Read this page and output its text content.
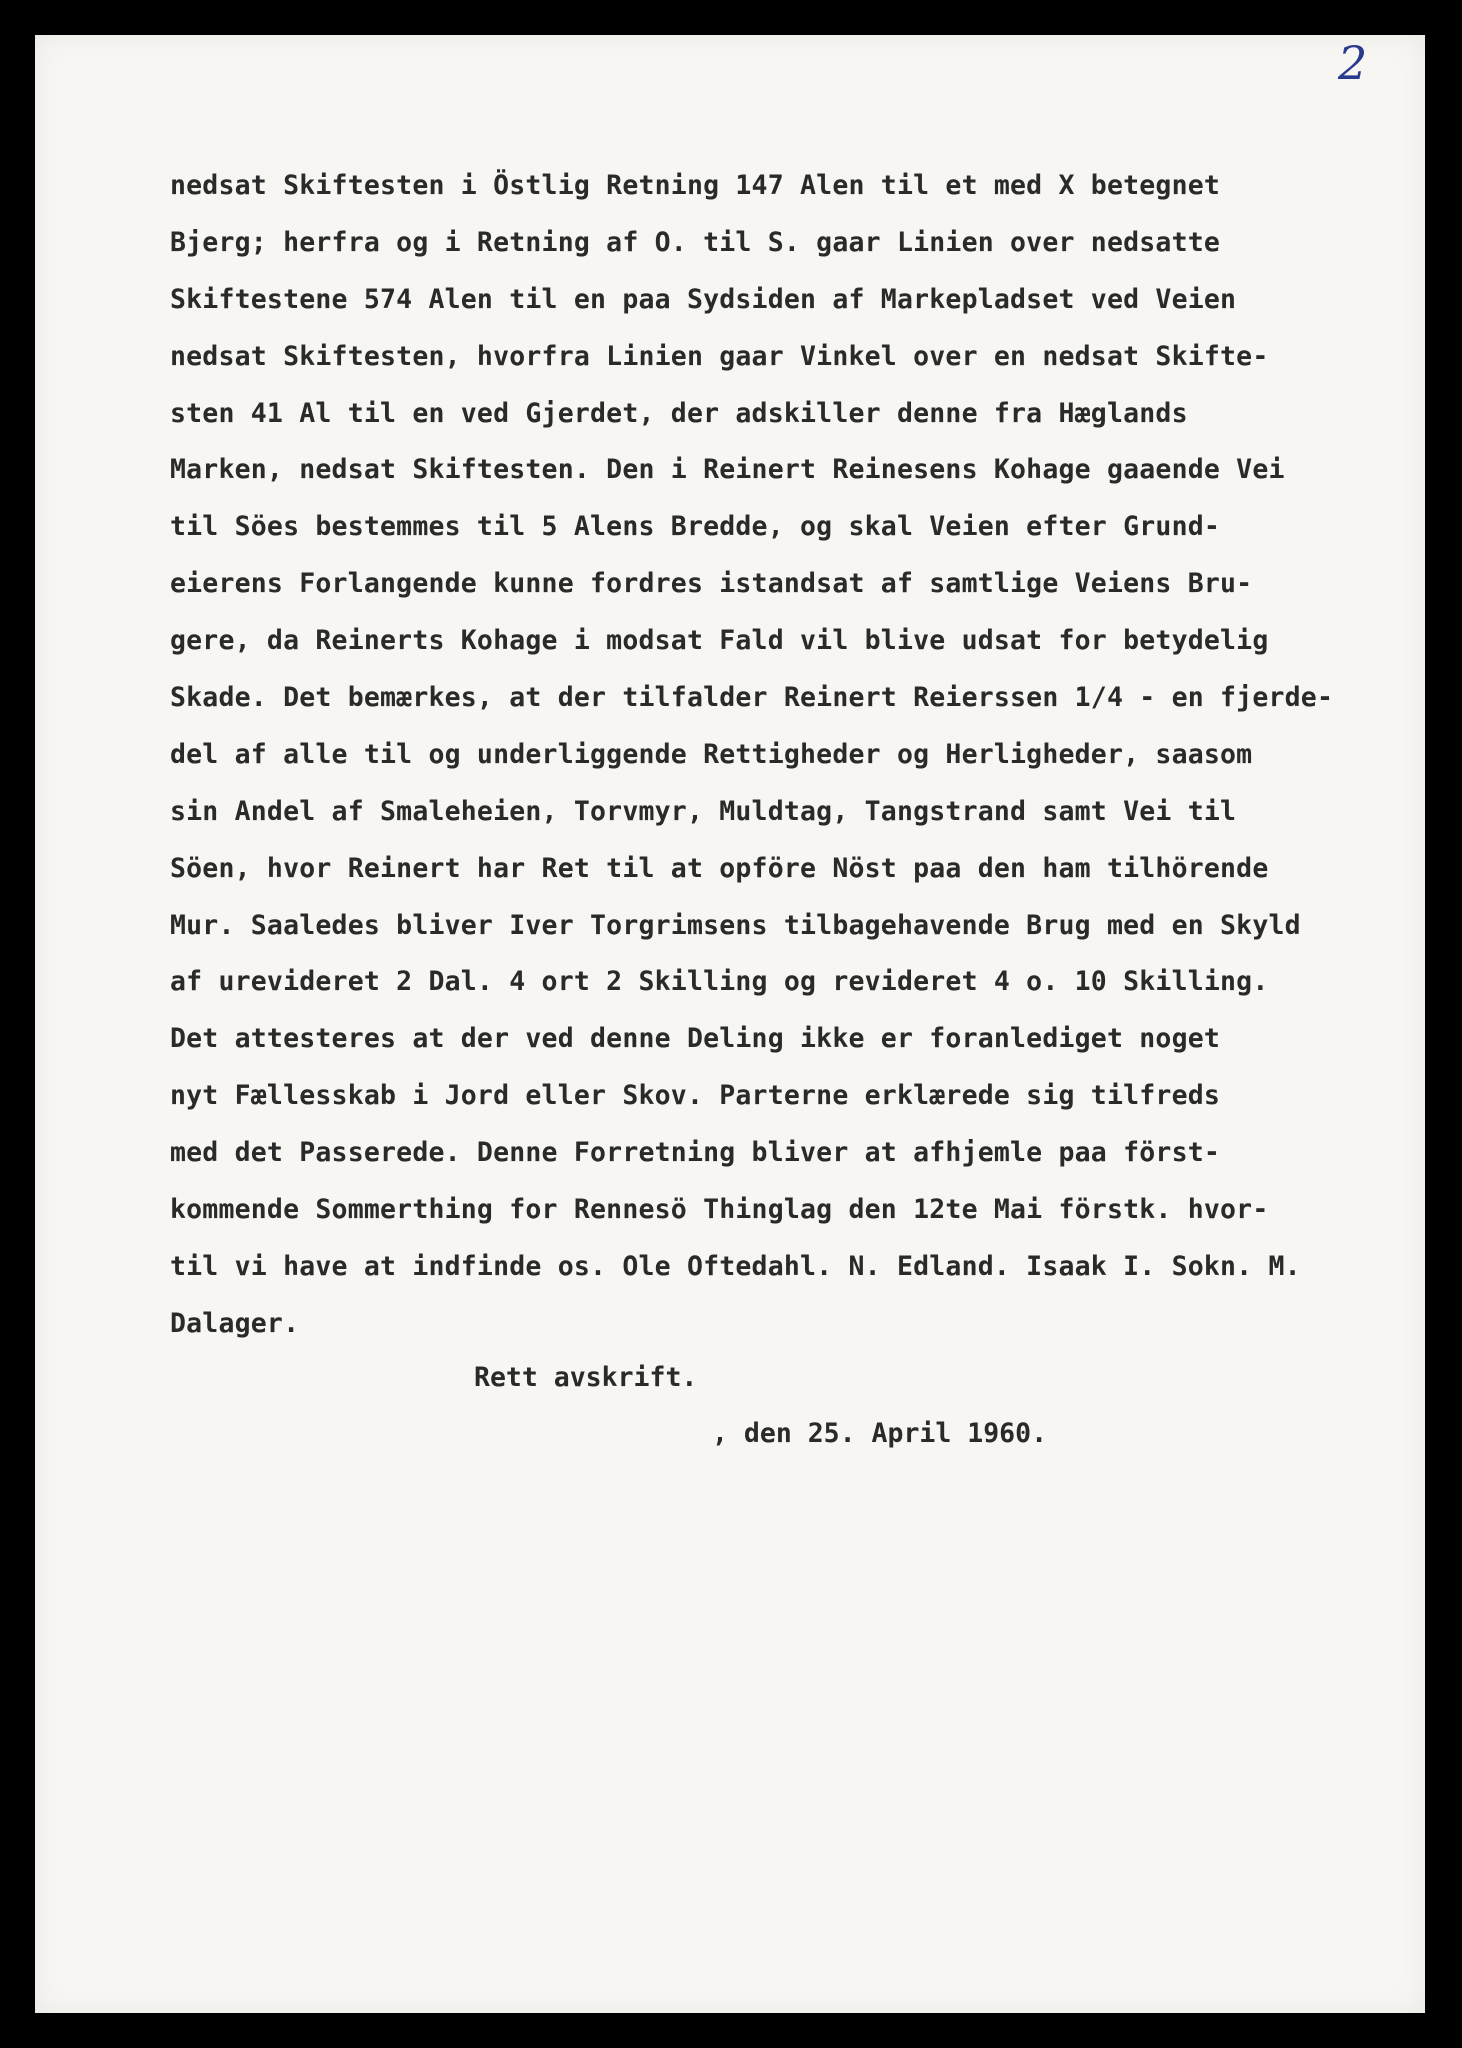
2
nedsat Skiftesten i Östlig Retning 147 Alen til et med X betegnet
Bjerg; herfra og i Retning af O. til S. gaar Linien over nedsatte
Skiftestene 574 Alen til en paa Sydsiden af Markepladset ved Veien
nedsat Skiftesten, hvorfra Linien gaar Vinkel over en nedsat Skifte-
sten 41 Al til en ved Gjerdet, der adskiller denne fra Hæglands
Marken, nedsat Skiftesten. Den i Reinert Reinesens Kohage gaaende Vei
til Söes bestemmes til 5 Alens Bredde, og skal Veien efter Grund-
eierens Forlangende kunne fordres istandsat af samtlige Veiens Bru-
gere, da Reinerts Kohage i modsat Fald vil blive udsat for betydelig
Skade. Det bemærkes, at der tilfalder Reinert Reierssen 1/4 - en fjerde-
del af alle til og underliggende Rettigheder og Herligheder, saasom
sin Andel af Smaleheien, Torvmyr, Muldtag, Tangstrand samt Vei til
Söen, hvor Reinert har Ret til at opföre Nöst paa den ham tilhörende
Mur. Saaledes bliver Iver Torgrimsens tilbagehavende Brug med en Skyld
af urevideret 2 Dal. 4 ort 2 Skilling og revideret 4 o. 10 Skilling.
Det attesteres at der ved denne Deling ikke er foranlediget noget
nyt Fællesskab i Jord eller Skov. Parterne erklærede sig tilfreds
med det Passerede. Denne Forretning bliver at afhjemle paa först-
kommende Sommerthing for Rennesö Thinglag den 12te Mai förstk. hvor-
til vi have at indfinde os. Ole Oftedahl. N. Edland. Isaak I. Sokn. M.
Dalager.
Rett avskrift.
, den 25. April 1960.
